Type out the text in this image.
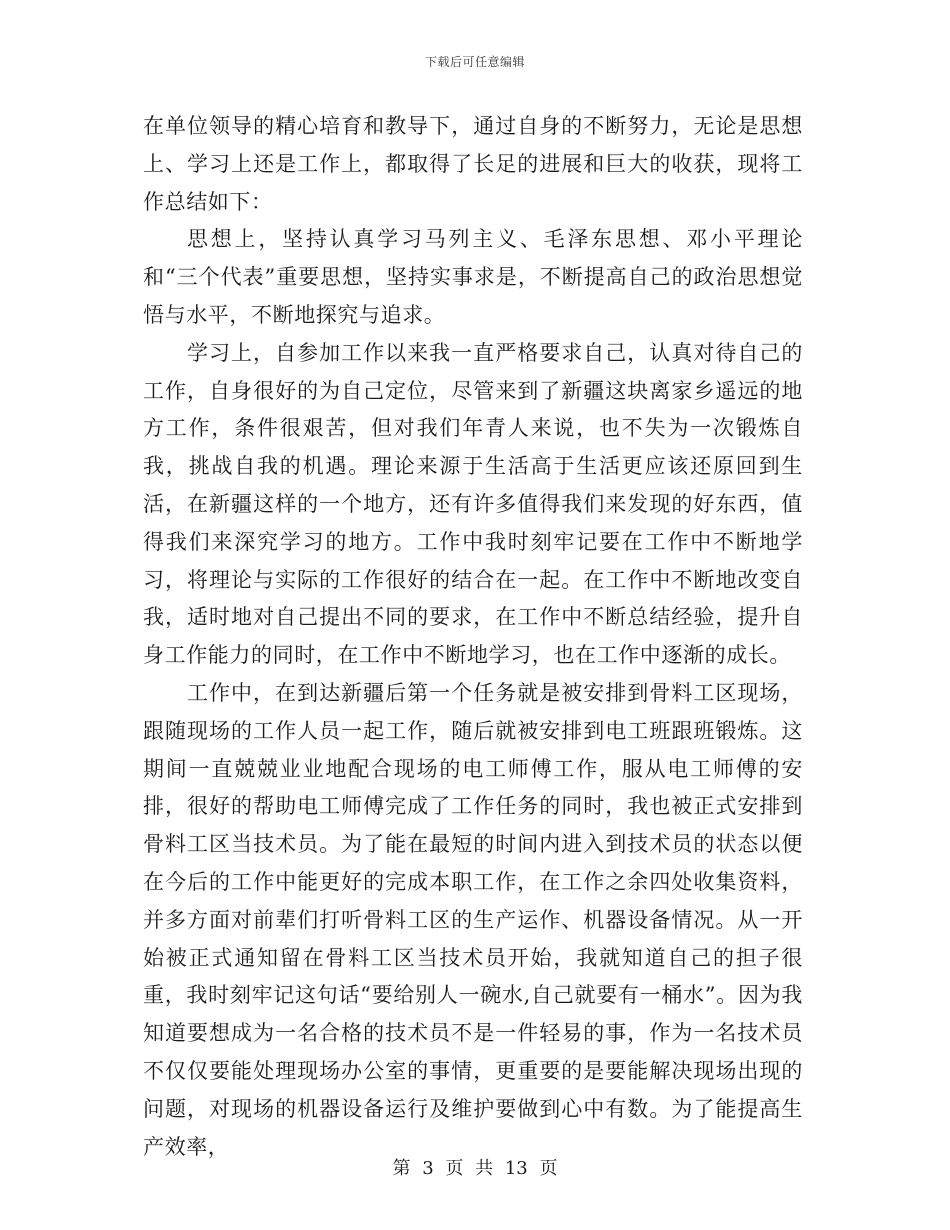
下载后可任意编辑

在单位领导的精心培育和教导下，通过自身的不断努力，无论是思想上、学习上还是工作上，都取得了长足的进展和巨大的收获，现将工作总结如下：

思想上，坚持认真学习马列主义、毛泽东思想、邓小平理论和“三个代表”重要思想，坚持实事求是，不断提高自己的政治思想觉悟与水平，不断地探究与追求。

学习上，自参加工作以来我一直严格要求自己，认真对待自己的工作，自身很好的为自己定位，尽管来到了新疆这块离家乡遥远的地方工作，条件很艰苦，但对我们年青人来说，也不失为一次锻炼自我，挑战自我的机遇。理论来源于生活高于生活更应该还原回到生活，在新疆这样的一个地方，还有许多值得我们来发现的好东西，值得我们来深究学习的地方。工作中我时刻牢记要在工作中不断地学习，将理论与实际的工作很好的结合在一起。在工作中不断地改变自我，适时地对自己提出不同的要求，在工作中不断总结经验，提升自身工作能力的同时，在工作中不断地学习，也在工作中逐渐的成长。

工作中，在到达新疆后第一个任务就是被安排到骨料工区现场，跟随现场的工作人员一起工作，随后就被安排到电工班跟班锻炼。这期间一直兢兢业业地配合现场的电工师傅工作，服从电工师傅的安排，很好的帮助电工师傅完成了工作任务的同时，我也被正式安排到骨料工区当技术员。为了能在最短的时间内进入到技术员的状态以便在今后的工作中能更好的完成本职工作，在工作之余四处收集资料，并多方面对前辈们打听骨料工区的生产运作、机器设备情况。从一开始被正式通知留在骨料工区当技术员开始，我就知道自己的担子很重，我时刻牢记这句话“要给别人一碗水,自己就要有一桶水”。因为我知道要想成为一名合格的技术员不是一件轻易的事，作为一名技术员不仅仅要能处理现场办公室的事情，更重要的是要能解决现场出现的问题，对现场的机器设备运行及维护要做到心中有数。为了能提高生产效率，

第 3 页 共 13 页
